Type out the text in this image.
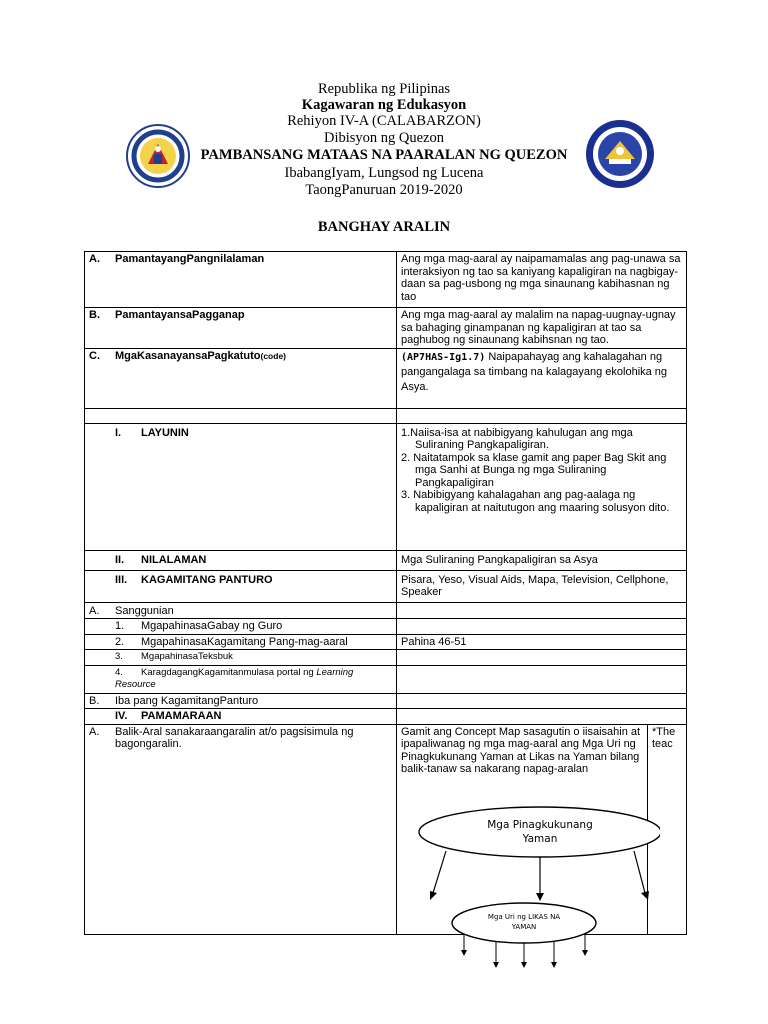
Republika ng Pilipinas
Kagawaran ng Edukasyon
Rehiyon IV-A (CALABARZON)
Dibisyon ng Quezon
PAMBANSANG MATAAS NA PAARALAN NG QUEZON
IbabangIyam, Lungsod ng Lucena
TaongPanuruan 2019-2020
BANGHAY ARALIN
A. PamantayangPangnilalaman	Ang mga mag-aaral ay naipamamalas ang pag-unawa sa interaksiyon ng tao sa kaniyang kapaligiran na nagbigay-daan sa pag-usbong ng mga sinaunang kabihasnan ng tao	
B. PamantayansaPagganap	Ang mga mag-aaral ay malalim na napag-uugnay-ugnay sa bahaging ginampanan ng kapaligiran at tao sa paghubog ng sinaunang kabihsnan ng tao.	
C. MgaKasanayansaPagkatuto(code)	(AP7HAS-Ig1.7) Naipapahayag ang kahalagahan ng pangangalaga sa timbang na kalagayang ekolohika ng Asya.	

I. LAYUNIN	1.Naiisa-isa at nabibigyang kahulugan ang mga Suliraning Pangkapaligiran.

2. Naitatampok sa klase gamit ang paper Bag Skit ang mga Sanhi at Bunga ng mga Suliraning Pangkapaligiran

3. Nabibigyang kahalagahan ang pag-aalaga ng kapaligiran at naitutugon ang maaring solusyon dito.	

II. NILALAMAN	Mga Suliraning Pangkapaligiran sa Asya	
III. KAGAMITANG PANTURO	Pisara, Yeso, Visual Aids, Mapa, Television, Cellphone, Speaker	
A. Sanggunian		
1. MgapahinasaGabay ng Guro		
2. MgapahinasaKagamitang Pang-mag-aaral	Pahina 46-51	
3. MgapahinasaTeksbuk		
4. KaragdagangKagamitanmulasa portal ng Learning Resource		
B. Iba pang KagamitangPanturo		
IV. PAMAMARAAN		

A. Balik-Aral sanakaraangaralin at/o pagsisimula ng bagongaralin.	Gamit ang Concept Map sasagutin o iisaisahin at ipapaliwanag ng mga mag-aaral ang Mga Uri ng Pinagkukunang Yaman at Likas na Yaman bilang balik-tanaw sa nakarang napag-aralan	*The teac
Mga Pinagkukunang Yaman
Mga Uri ng LIKAS NA YAMAN
